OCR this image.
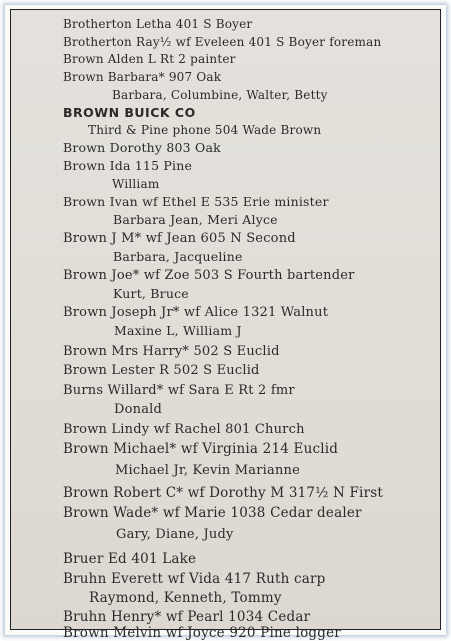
Brotherton Letha 401 S Boyer
Brotherton Ray½ wf Eveleen 401 S Boyer foreman
Brown Alden L Rt 2 painter
Brown Barbara* 907 Oak
Barbara, Columbine, Walter, Betty
BROWN BUICK CO
Third & Pine phone 504 Wade Brown
Brown Dorothy 803 Oak
Brown Ida 115 Pine
William
Brown Ivan wf Ethel E 535 Erie minister
Barbara Jean, Meri Alyce
Brown J M* wf Jean 605 N Second
Barbara, Jacqueline
Brown Joe* wf Zoe 503 S Fourth bartender
Kurt, Bruce
Brown Joseph Jr* wf Alice 1321 Walnut
Maxine L, William J
Brown Mrs Harry* 502 S Euclid
Brown Lester R 502 S Euclid
Burns Willard* wf Sara E Rt 2 fmr
Donald
Brown Lindy wf Rachel 801 Church
Brown Michael* wf Virginia 214 Euclid
Michael Jr, Kevin Marianne
Brown Robert C* wf Dorothy M 317½ N First
Brown Wade* wf Marie 1038 Cedar dealer
Gary, Diane, Judy
Bruer Ed 401 Lake
Bruhn Everett wf Vida 417 Ruth carp
Raymond, Kenneth, Tommy
Bruhn Henry* wf Pearl 1034 Cedar
Brown Melvin wf Joyce 920 Pine logger
